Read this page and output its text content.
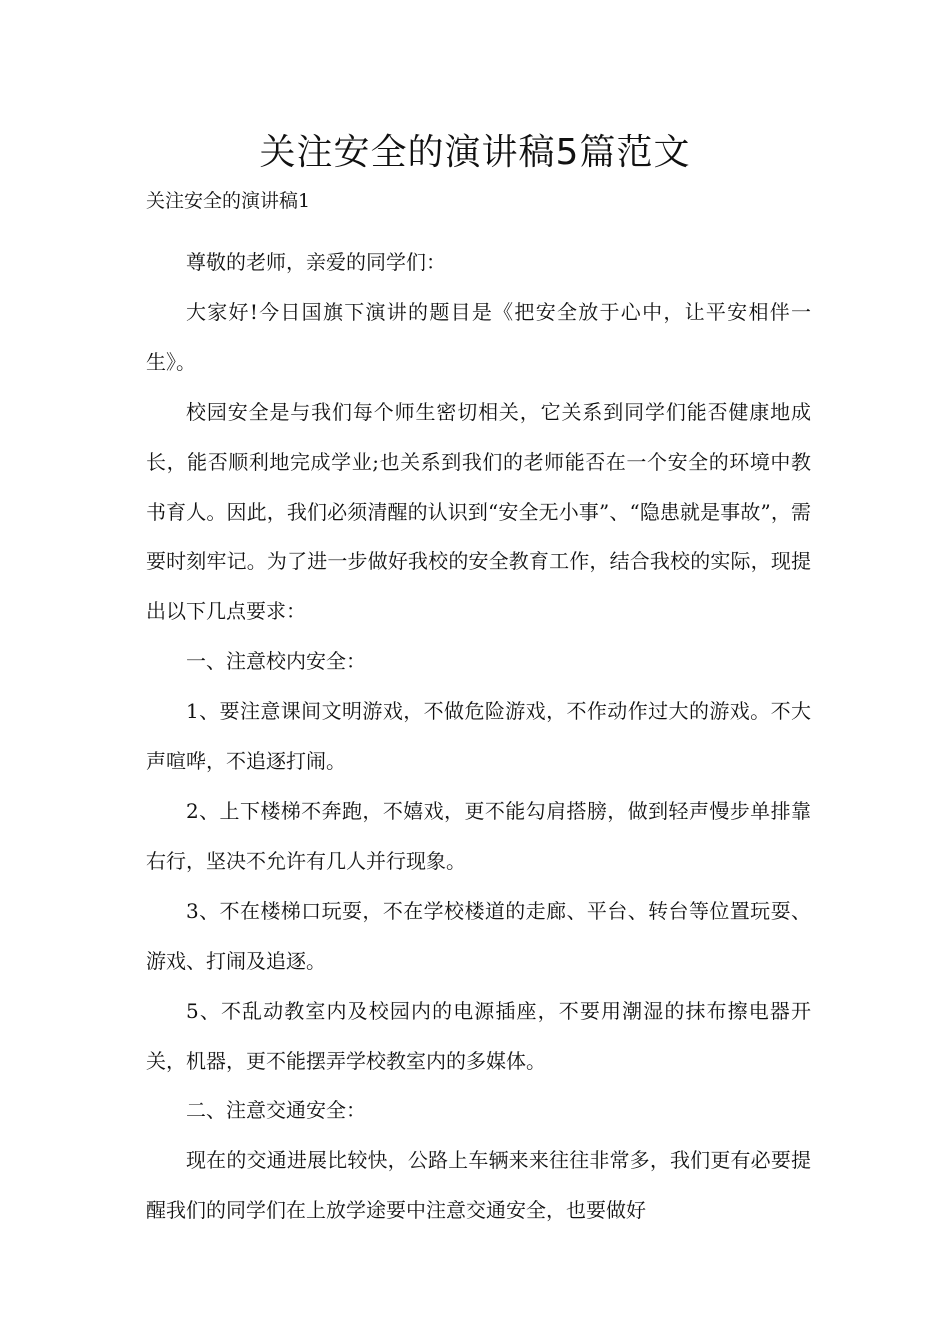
关注安全的演讲稿5篇范文

关注安全的演讲稿1

尊敬的老师，亲爱的同学们：

大家好!今日国旗下演讲的题目是《把安全放于心中，让平安相伴一生》。

校园安全是与我们每个师生密切相关，它关系到同学们能否健康地成长，能否顺利地完成学业;也关系到我们的老师能否在一个安全的环境中教书育人。因此，我们必须清醒的认识到“安全无小事”、“隐患就是事故”，需要时刻牢记。为了进一步做好我校的安全教育工作，结合我校的实际，现提出以下几点要求：

一、注意校内安全：

1、要注意课间文明游戏，不做危险游戏，不作动作过大的游戏。不大声喧哗，不追逐打闹。

2、上下楼梯不奔跑，不嬉戏，更不能勾肩搭膀，做到轻声慢步单排靠右行，坚决不允许有几人并行现象。

3、不在楼梯口玩耍，不在学校楼道的走廊、平台、转台等位置玩耍、游戏、打闹及追逐。

5、不乱动教室内及校园内的电源插座，不要用潮湿的抹布擦电器开关，机器，更不能摆弄学校教室内的多媒体。

二、注意交通安全：

现在的交通进展比较快，公路上车辆来来往往非常多，我们更有必要提醒我们的同学们在上放学途要中注意交通安全，也要做好
